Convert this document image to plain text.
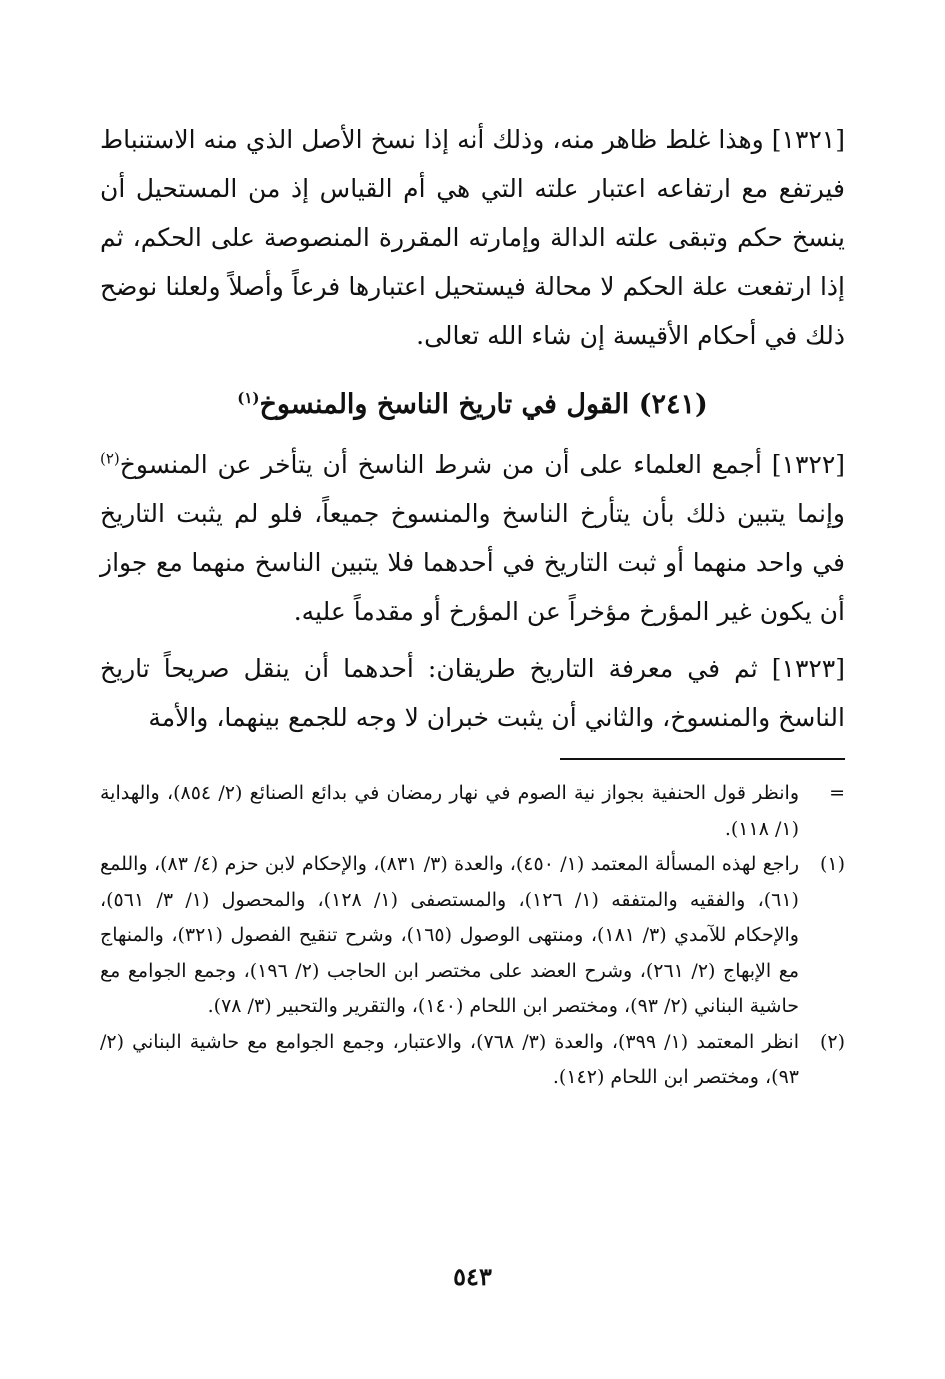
[١٣٢١] وهذا غلط ظاهر منه، وذلك أنه إذا نسخ الأصل الذي منه الاستنباط فيرتفع مع ارتفاعه اعتبار علته التي هي أم القياس إذ من المستحيل أن ينسخ حكم وتبقى علته الدالة وإمارته المقررة المنصوصة على الحكم، ثم إذا ارتفعت علة الحكم لا محالة فيستحيل اعتبارها فرعاً وأصلاً ولعلنا نوضح ذلك في أحكام الأقيسة إن شاء الله تعالى.

(٢٤١) القول في تاريخ الناسخ والمنسوخ$^{(١)}$

[١٣٢٢] أجمع العلماء على أن من شرط الناسخ أن يتأخر عن المنسوخ$^{(٢)}$ وإنما يتبين ذلك بأن يتأرخ الناسخ والمنسوخ جميعاً، فلو لم يثبت التاريخ في واحد منهما أو ثبت التاريخ في أحدهما فلا يتبين الناسخ منهما مع جواز أن يكون غير المؤرخ مؤخراً عن المؤرخ أو مقدماً عليه.

[١٣٢٣] ثم في معرفة التاريخ طريقان: أحدهما أن ينقل صريحاً تاريخ الناسخ والمنسوخ، والثاني أن يثبت خبران لا وجه للجمع بينهما، والأمة

=
وانظر قول الحنفية بجواز نية الصوم في نهار رمضان في بدائع الصنائع (٢/ ٨٥٤)، والهداية (١/ ١١٨).

(١)
راجع لهذه المسألة المعتمد (١/ ٤٥٠)، والعدة (٣/ ٨٣١)، والإحكام لابن حزم (٤/ ٨٣)، واللمع (٦١)، والفقيه والمتفقه (١/ ١٢٦)، والمستصفى (١/ ١٢٨)، والمحصول (١/ ٣/ ٥٦١)، والإحكام للآمدي (٣/ ١٨١)، ومنتهى الوصول (١٦٥)، وشرح تنقيح الفصول (٣٢١)، والمنهاج مع الإبهاج (٢/ ٢٦١)، وشرح العضد على مختصر ابن الحاجب (٢/ ١٩٦)، وجمع الجوامع مع حاشية البناني (٢/ ٩٣)، ومختصر ابن اللحام (١٤٠)، والتقرير والتحبير (٣/ ٧٨).

(٢)
انظر المعتمد (١/ ٣٩٩)، والعدة (٣/ ٧٦٨)، والاعتبار، وجمع الجوامع مع حاشية البناني (٢/ ٩٣)، ومختصر ابن اللحام (١٤٢).

٥٤٣
